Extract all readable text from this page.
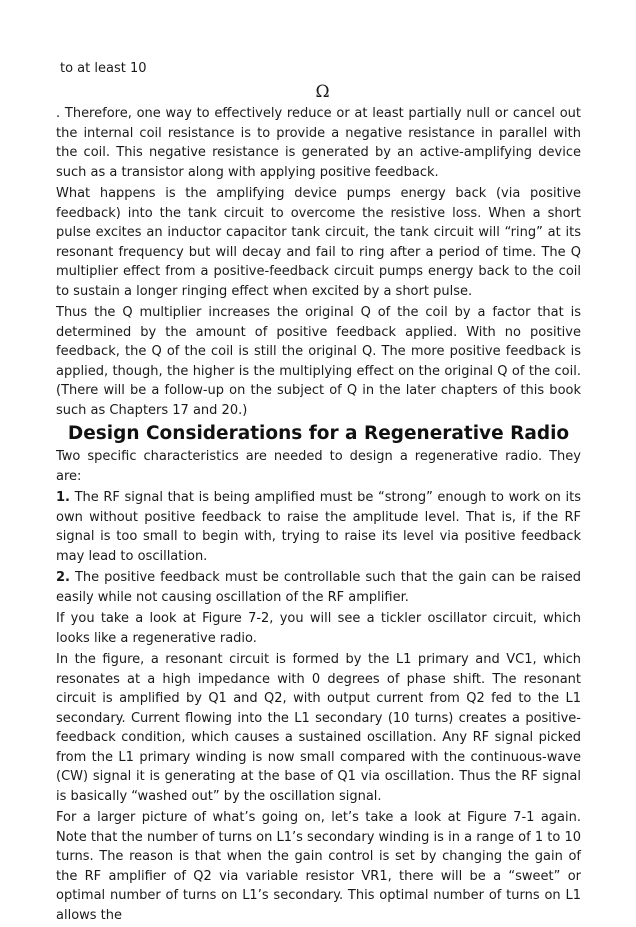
to at least 10
Ω

. Therefore, one way to effectively reduce or at least partially null or cancel out the internal coil resistance is to provide a negative resistance in parallel with the coil. This negative resistance is generated by an active-amplifying device such as a transistor along with applying positive feedback.

What happens is the amplifying device pumps energy back (via positive feedback) into the tank circuit to overcome the resistive loss. When a short pulse excites an inductor capacitor tank circuit, the tank circuit will “ring” at its resonant frequency but will decay and fail to ring after a period of time. The Q multiplier effect from a positive-feedback circuit pumps energy back to the coil to sustain a longer ringing effect when excited by a short pulse.

Thus the Q multiplier increases the original Q of the coil by a factor that is determined by the amount of positive feedback applied. With no positive feedback, the Q of the coil is still the original Q. The more positive feedback is applied, though, the higher is the multiplying effect on the original Q of the coil. (There will be a follow-up on the subject of Q in the later chapters of this book such as Chapters 17 and 20.)

Design Considerations for a Regenerative Radio

Two specific characteristics are needed to design a regenerative radio. They are:

1. The RF signal that is being amplified must be “strong” enough to work on its own without positive feedback to raise the amplitude level. That is, if the RF signal is too small to begin with, trying to raise its level via positive feedback may lead to oscillation.

2. The positive feedback must be controllable such that the gain can be raised easily while not causing oscillation of the RF amplifier.

If you take a look at Figure 7-2, you will see a tickler oscillator circuit, which looks like a regenerative radio.

In the figure, a resonant circuit is formed by the L1 primary and VC1, which resonates at a high impedance with 0 degrees of phase shift. The resonant circuit is amplified by Q1 and Q2, with output current from Q2 fed to the L1 secondary. Current flowing into the L1 secondary (10 turns) creates a positive-feedback condition, which causes a sustained oscillation. Any RF signal picked from the L1 primary winding is now small compared with the continuous-wave (CW) signal it is generating at the base of Q1 via oscillation. Thus the RF signal is basically “washed out” by the oscillation signal.

For a larger picture of what’s going on, let’s take a look at Figure 7-1 again. Note that the number of turns on L1’s secondary winding is in a range of 1 to 10 turns. The reason is that when the gain control is set by changing the gain of the RF amplifier of Q2 via variable resistor VR1, there will be a “sweet” or optimal number of turns on L1’s secondary. This optimal number of turns on L1 allows the
